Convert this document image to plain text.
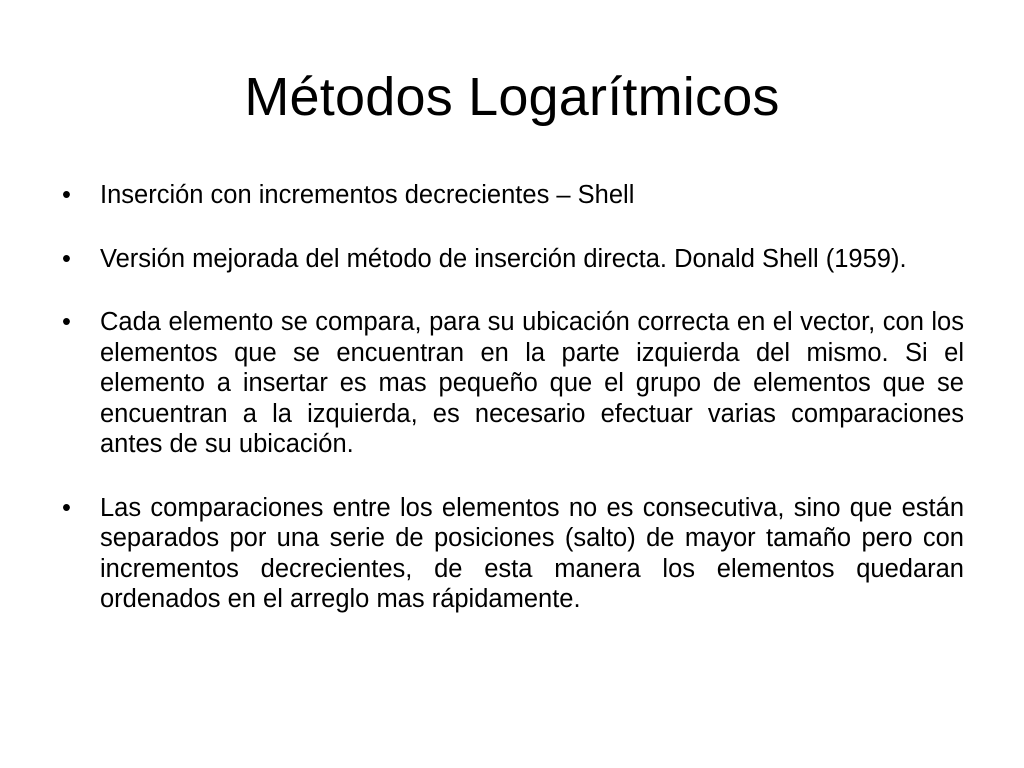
Métodos Logarítmicos
•	Inserción con incrementos decrecientes – Shell
•	Versión mejorada del método de inserción directa. Donald Shell (1959).
•	Cada elemento se compara, para su ubicación correcta en el vector, con los elementos que se encuentran en la parte izquierda del mismo. Si el elemento a insertar es mas pequeño que el grupo de elementos que se encuentran a la izquierda, es necesario efectuar varias comparaciones antes de su ubicación.
•	Las comparaciones entre los elementos no es consecutiva, sino que están separados por una serie de posiciones (salto) de mayor tamaño pero con incrementos decrecientes, de esta manera los elementos quedaran ordenados en el arreglo mas rápidamente.
